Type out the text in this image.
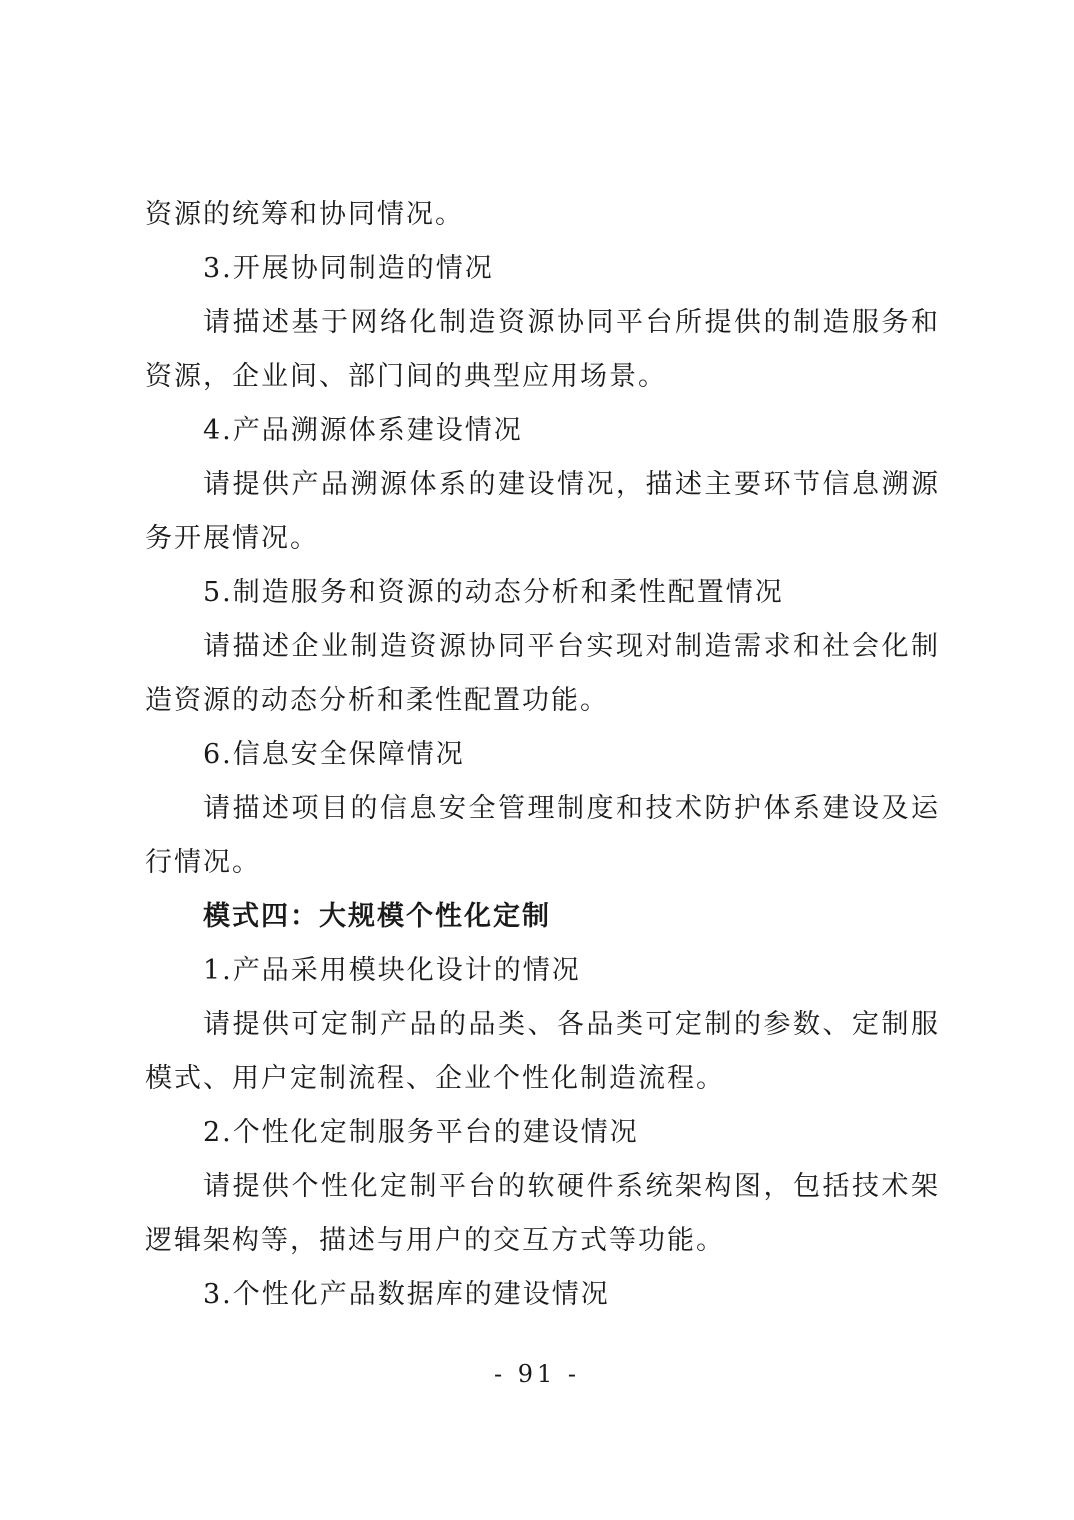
资源的统筹和协同情况。
3.开展协同制造的情况
请描述基于网络化制造资源协同平台所提供的制造服务和
资源，企业间、部门间的典型应用场景。
4.产品溯源体系建设情况
请提供产品溯源体系的建设情况，描述主要环节信息溯源
务开展情况。
5.制造服务和资源的动态分析和柔性配置情况
请描述企业制造资源协同平台实现对制造需求和社会化制
造资源的动态分析和柔性配置功能。
6.信息安全保障情况
请描述项目的信息安全管理制度和技术防护体系建设及运
行情况。
模式四：大规模个性化定制
1.产品采用模块化设计的情况
请提供可定制产品的品类、各品类可定制的参数、定制服
模式、用户定制流程、企业个性化制造流程。
2.个性化定制服务平台的建设情况
请提供个性化定制平台的软硬件系统架构图，包括技术架
逻辑架构等，描述与用户的交互方式等功能。
3.个性化产品数据库的建设情况
- 91 -
